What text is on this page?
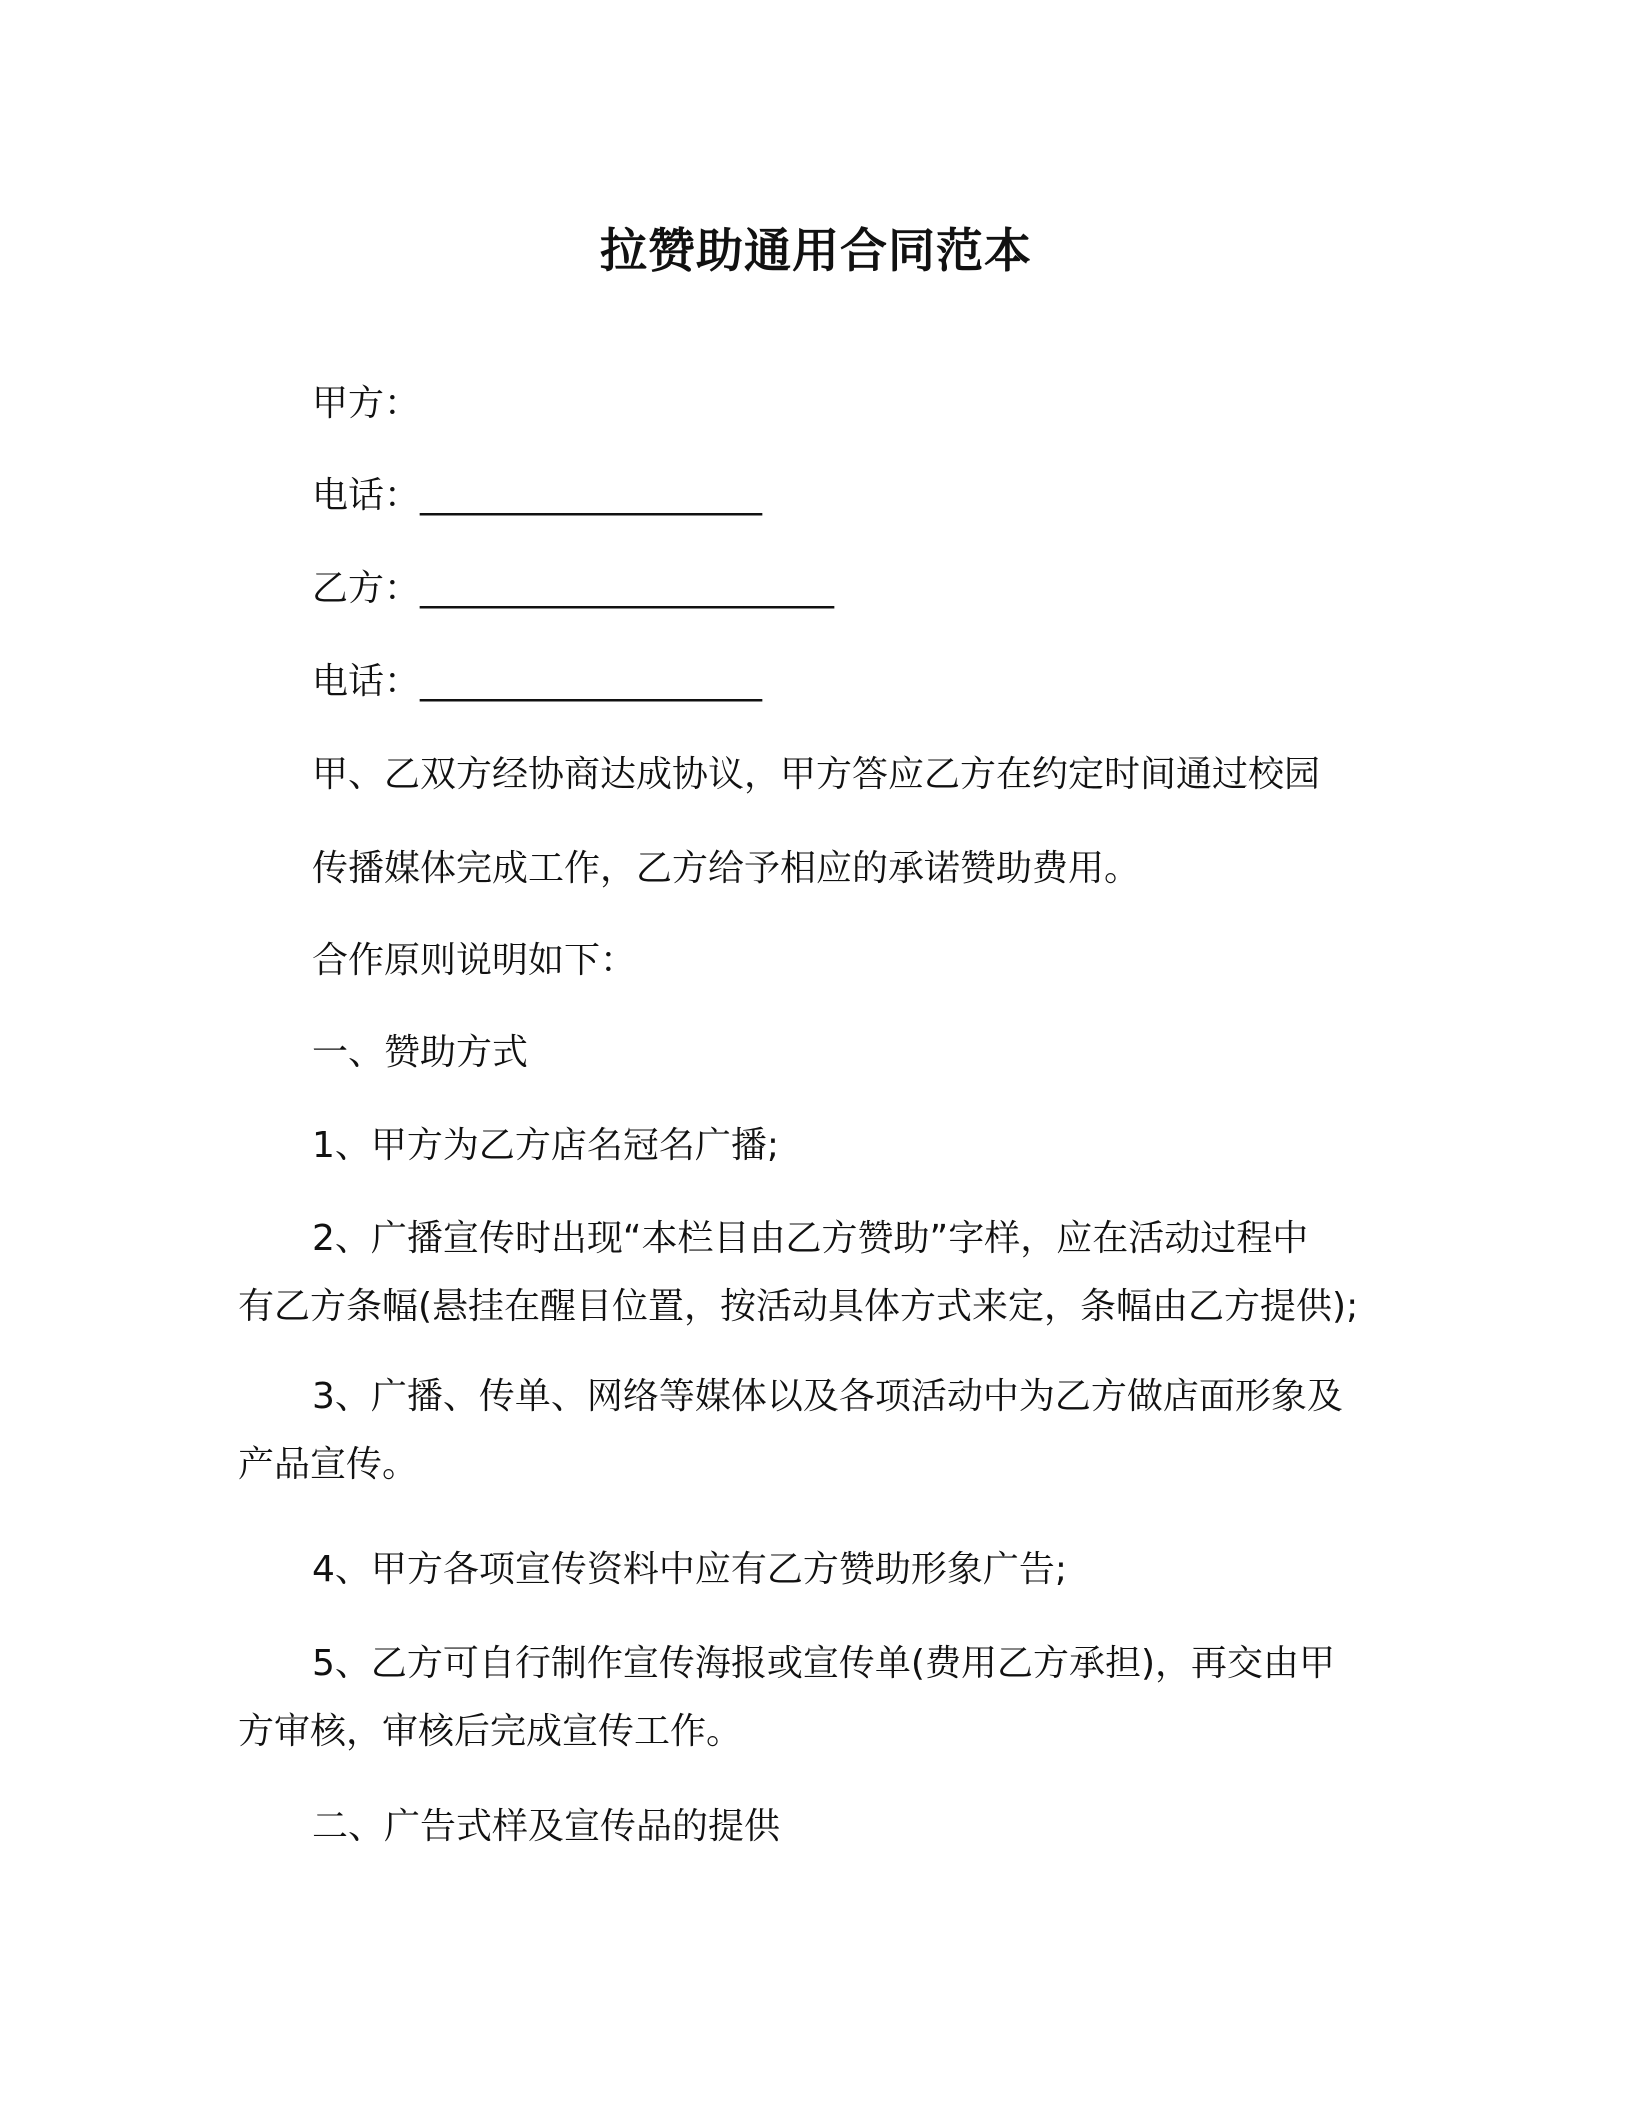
拉赞助通用合同范本
甲方：
电话：___________________
乙方：_______________________
电话：___________________
甲、乙双方经协商达成协议，甲方答应乙方在约定时间通过校园
传播媒体完成工作，乙方给予相应的承诺赞助费用。
合作原则说明如下：
一、赞助方式
1、甲方为乙方店名冠名广播;
2、广播宣传时出现“本栏目由乙方赞助”字样，应在活动过程中
有乙方条幅(悬挂在醒目位置，按活动具体方式来定，条幅由乙方提供);
3、广播、传单、网络等媒体以及各项活动中为乙方做店面形象及
产品宣传。
4、甲方各项宣传资料中应有乙方赞助形象广告;
5、乙方可自行制作宣传海报或宣传单(费用乙方承担)，再交由甲
方审核，审核后完成宣传工作。
二、广告式样及宣传品的提供
